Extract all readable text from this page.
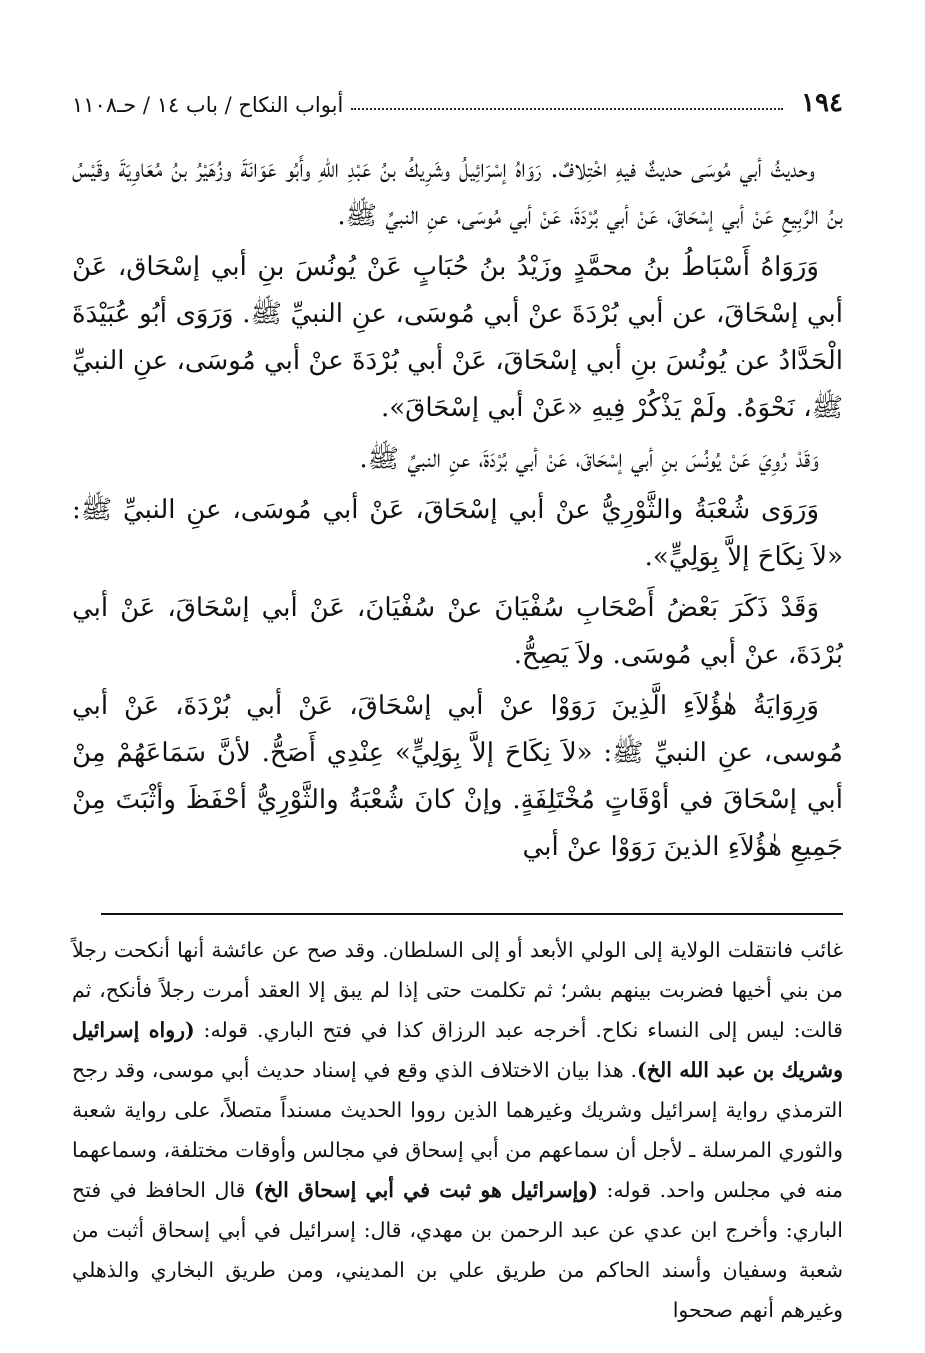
١٩٤
أبواب النكاح / باب ١٤ / حـ١١٠٨

وحديثُ أبي مُوسَى حديثٌ فيهِ اخْتِلافٌ. رَوَاهُ إسْرَائِيلُ وشَرِيكُ بنُ عَبْدِ اللهِ وأَبُو عَوَانَةَ وزُهَيْرُ بنُ مُعَاوِيَةَ وقَيْسُ بنُ الرَّبِيعِ عَنْ أبي إسْحَاقَ، عَنْ أبي بُرْدَةَ، عَنْ أبي مُوسَى، عنِ النبيِّ ﷺ.

وَرَوَاهُ أَسْبَاطُ بنُ محمَّدٍ وزَيْدُ بنُ حُبَابٍ عَنْ يُونُسَ بنِ أبي إسْحَاق، عَنْ أبي إسْحَاقَ، عن أبي بُرْدَةَ عنْ أبي مُوسَى، عنِ النبيِّ ﷺ. وَرَوَى أبُو عُبَيْدَةَ الْحَدَّادُ عن يُونُسَ بنِ أبي إسْحَاقَ، عَنْ أبي بُرْدَةَ عنْ أبي مُوسَى، عنِ النبيِّ ﷺ، نَحْوَهُ. ولَمْ يَذْكُرْ فِيهِ «عَنْ أبي إسْحَاقَ».

وَقَدْ رُوِيَ عَنْ يُونُسَ بنِ أبي إسْحَاقَ، عَنْ أبي بُرْدَةَ، عنِ النبيِّ ﷺ.

وَرَوَى شُعْبَةُ والثَّوْرِيُّ عنْ أبي إسْحَاقَ، عَنْ أبي مُوسَى، عنِ النبيِّ ﷺ: «لاَ نِكَاحَ إلاَّ بِوَلِيٍّ».

وَقَدْ ذَكَرَ بَعْضُ أَصْحَابِ سُفْيَانَ عنْ سُفْيَانَ، عَنْ أبي إسْحَاقَ، عَنْ أبي بُرْدَةَ، عنْ أبي مُوسَى. ولاَ يَصِحُّ.

وَرِوَايَةُ هٰؤُلاَءِ الَّذِينَ رَوَوْا عنْ أبي إسْحَاقَ، عَنْ أبي بُرْدَةَ، عَنْ أبي مُوسى، عنِ النبيِّ ﷺ: «لاَ نِكَاحَ إلاَّ بِوَلِيٍّ» عِنْدِي أَصَحُّ. لأنَّ سَمَاعَهُمْ مِنْ أبي إسْحَاقَ في أوْقَاتٍ مُخْتَلِفَةٍ. وإنْ كانَ شُعْبَةُ والثَّوْرِيُّ أحْفَظَ وأثْبَتَ مِنْ جَمِيعِ هٰؤُلاَءِ الذينَ رَوَوْا عنْ أبي

غائب فانتقلت الولاية إلى الولي الأبعد أو إلى السلطان. وقد صح عن عائشة أنها أنكحت رجلاً من بني أخيها فضربت بينهم بشر؛ ثم تكلمت حتى إذا لم يبق إلا العقد أمرت رجلاً فأنكح، ثم قالت: ليس إلى النساء نكاح. أخرجه عبد الرزاق كذا في فتح الباري. قوله: (رواه إسرائيل وشريك بن عبد الله الخ). هذا بيان الاختلاف الذي وقع في إسناد حديث أبي موسى، وقد رجح الترمذي رواية إسرائيل وشريك وغيرهما الذين رووا الحديث مسنداً متصلاً، على رواية شعبة والثوري المرسلة ـ لأجل أن سماعهم من أبي إسحاق في مجالس وأوقات مختلفة، وسماعهما منه في مجلس واحد. قوله: (وإسرائيل هو ثبت في أبي إسحاق الخ) قال الحافظ في فتح الباري: وأخرج ابن عدي عن عبد الرحمن بن مهدي، قال: إسرائيل في أبي إسحاق أثبت من شعبة وسفيان وأسند الحاكم من طريق علي بن المديني، ومن طريق البخاري والذهلي وغيرهم أنهم صححوا
